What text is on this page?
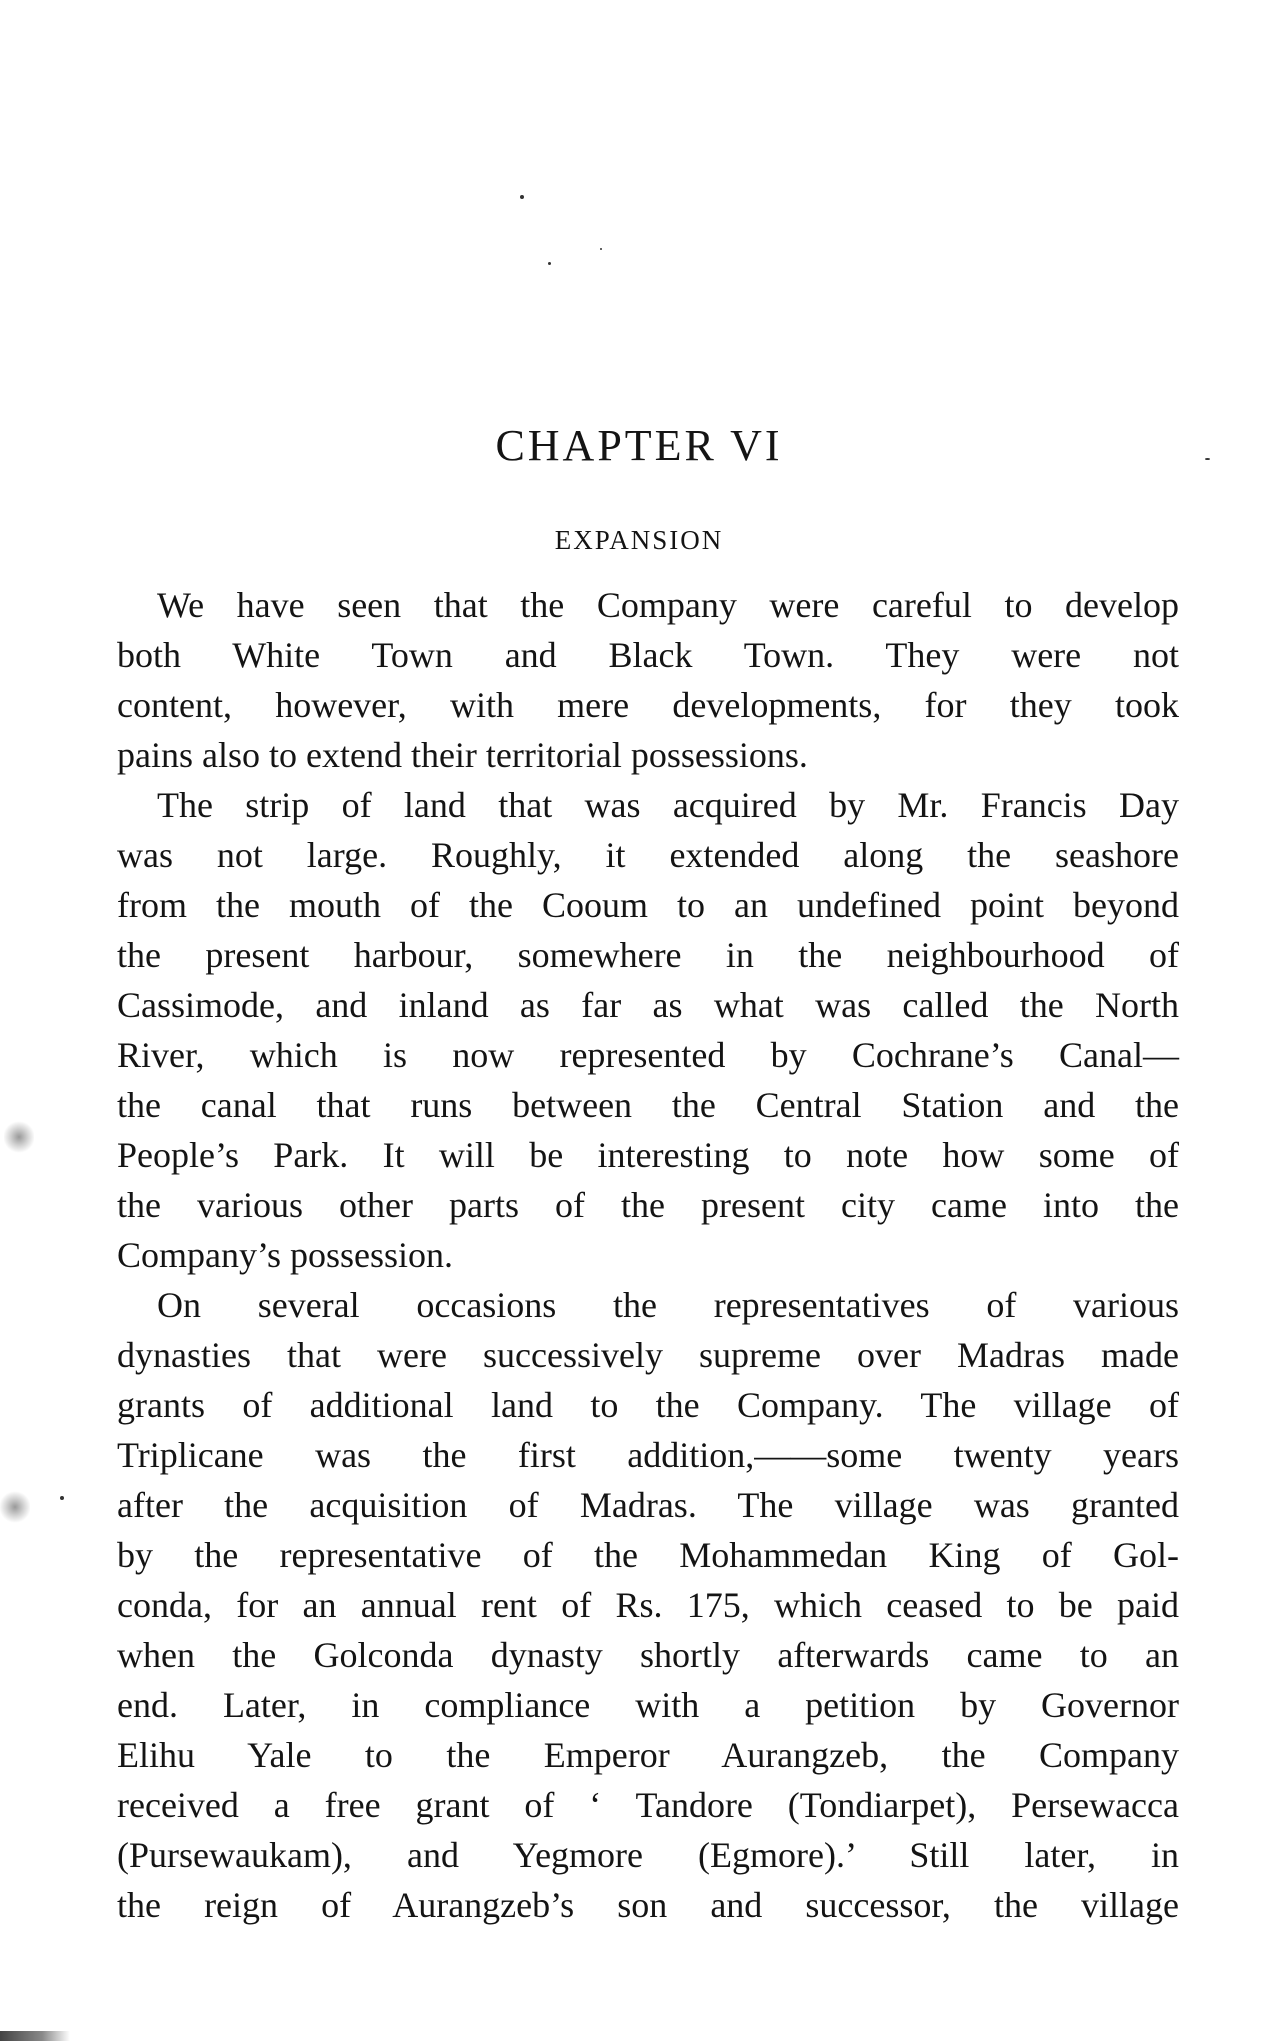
CHAPTER VI
EXPANSION
We have seen that the Company were careful to develop
both White Town and Black Town. They were not
content, however, with mere developments, for they took
pains also to extend their territorial possessions.
The strip of land that was acquired by Mr. Francis Day
was not large. Roughly, it extended along the seashore
from the mouth of the Cooum to an undefined point beyond
the present harbour, somewhere in the neighbourhood of
Cassimode, and inland as far as what was called the North
River, which is now represented by Cochrane’s Canal—
the canal that runs between the Central Station and the
People’s Park. It will be interesting to note how some of
the various other parts of the present city came into the
Company’s possession.
On several occasions the representatives of various
dynasties that were successively supreme over Madras made
grants of additional land to the Company. The village of
Triplicane was the first addition,——some twenty years
after the acquisition of Madras. The village was granted
by the representative of the Mohammedan King of Gol-
conda, for an annual rent of Rs. 175, which ceased to be paid
when the Golconda dynasty shortly afterwards came to an
end. Later, in compliance with a petition by Governor
Elihu Yale to the Emperor Aurangzeb, the Company
received a free grant of ‘ Tandore (Tondiarpet), Persewacca
(Pursewaukam), and Yegmore (Egmore).’ Still later, in
the reign of Aurangzeb’s son and successor, the village
